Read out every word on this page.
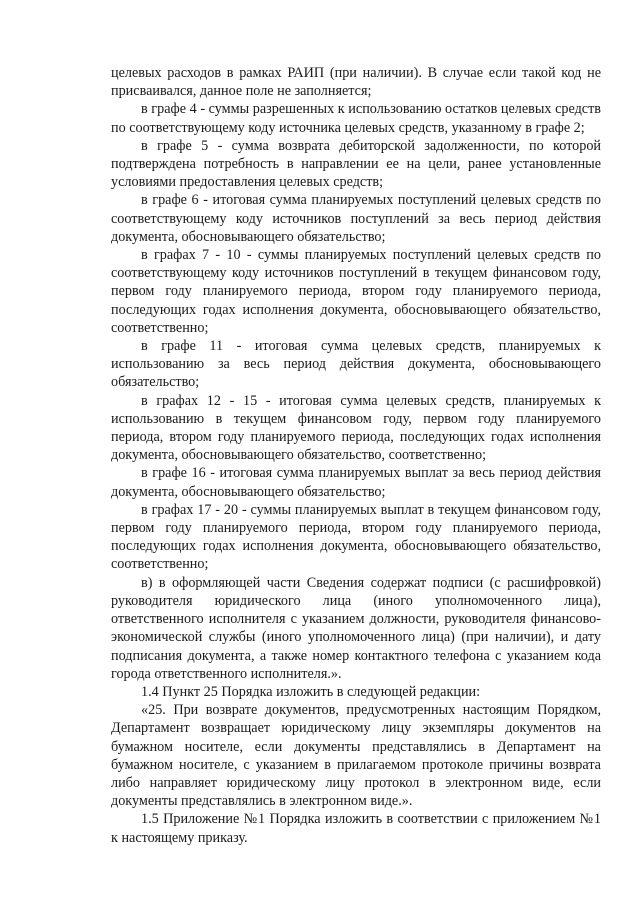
целевых расходов в рамках РАИП (при наличии). В случае если такой код не присваивался, данное поле не заполняется;

в графе 4 - суммы разрешенных к использованию остатков целевых средств по соответствующему коду источника целевых средств, указанному в графе 2;

в графе 5 - сумма возврата дебиторской задолженности, по которой подтверждена потребность в направлении ее на цели, ранее установленные условиями предоставления целевых средств;

в графе 6 - итоговая сумма планируемых поступлений целевых средств по соответствующему коду источников поступлений за весь период действия документа, обосновывающего обязательство;

в графах 7 - 10 - суммы планируемых поступлений целевых средств по соответствующему коду источников поступлений в текущем финансовом году, первом году планируемого периода, втором году планируемого периода, последующих годах исполнения документа, обосновывающего обязательство, соответственно;

в графе 11 - итоговая сумма целевых средств, планируемых к использованию за весь период действия документа, обосновывающего обязательство;

в графах 12 - 15 - итоговая сумма целевых средств, планируемых к использованию в текущем финансовом году, первом году планируемого периода, втором году планируемого периода, последующих годах исполнения документа, обосновывающего обязательство, соответственно;

в графе 16 - итоговая сумма планируемых выплат за весь период действия документа, обосновывающего обязательство;

в графах 17 - 20 - суммы планируемых выплат в текущем финансовом году, первом году планируемого периода, втором году планируемого периода, последующих годах исполнения документа, обосновывающего обязательство, соответственно;

в) в оформляющей части Сведения содержат подписи (с расшифровкой) руководителя юридического лица (иного уполномоченного лица), ответственного исполнителя с указанием должности, руководителя финансово-экономической службы (иного уполномоченного лица) (при наличии), и дату подписания документа, а также номер контактного телефона с указанием кода города ответственного исполнителя.».

1.4 Пункт 25 Порядка изложить в следующей редакции:

«25. При возврате документов, предусмотренных настоящим Порядком, Департамент возвращает юридическому лицу экземпляры документов на бумажном носителе, если документы представлялись в Департамент на бумажном носителе, с указанием в прилагаемом протоколе причины возврата либо направляет юридическому лицу протокол в электронном виде, если документы представлялись в электронном виде.».

1.5 Приложение №1 Порядка изложить в соответствии с приложением №1 к настоящему приказу.
